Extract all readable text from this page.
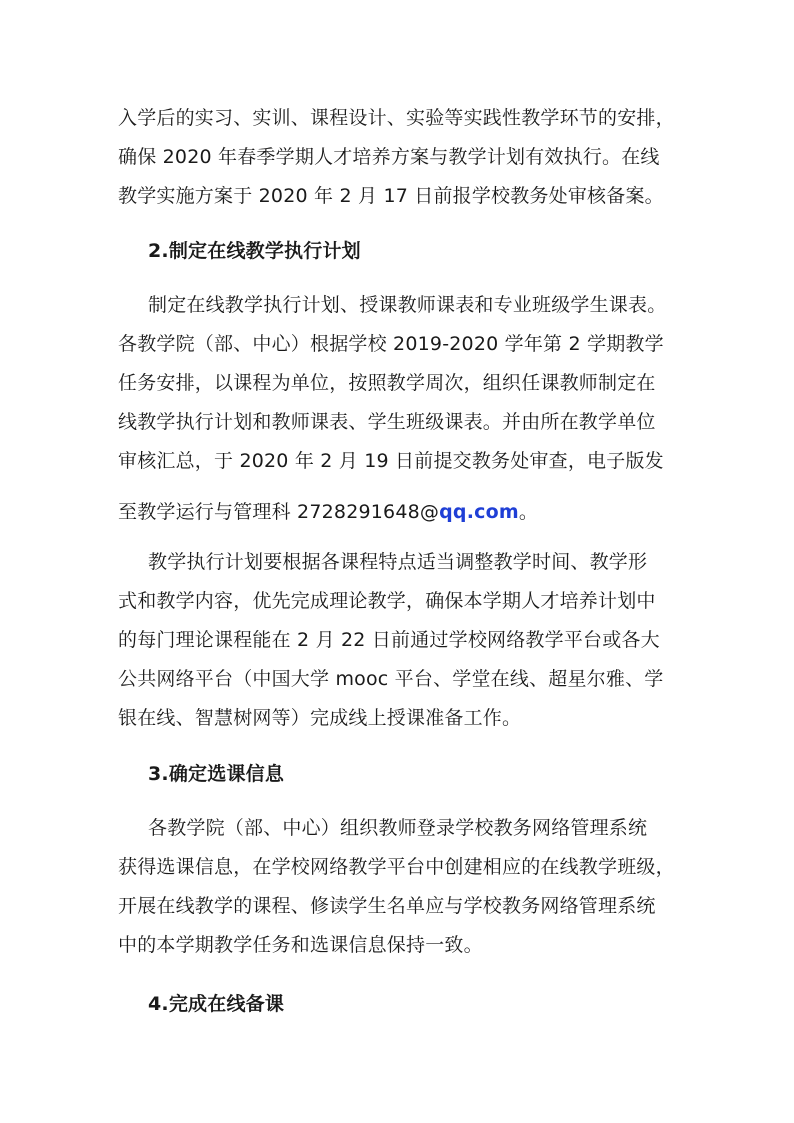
入学后的实习、实训、课程设计、实验等实践性教学环节的安排，
确保 2020 年春季学期人才培养方案与教学计划有效执行。在线
教学实施方案于 2020 年 2 月 17 日前报学校教务处审核备案。
2.制定在线教学执行计划
制定在线教学执行计划、授课教师课表和专业班级学生课表。
各教学院（部、中心）根据学校 2019-2020 学年第 2 学期教学
任务安排，以课程为单位，按照教学周次，组织任课教师制定在
线教学执行计划和教师课表、学生班级课表。并由所在教学单位
审核汇总，于 2020 年 2 月 19 日前提交教务处审查，电子版发
至教学运行与管理科 2728291648@qq.com。
教学执行计划要根据各课程特点适当调整教学时间、教学形
式和教学内容，优先完成理论教学，确保本学期人才培养计划中
的每门理论课程能在 2 月 22 日前通过学校网络教学平台或各大
公共网络平台（中国大学 mooc 平台、学堂在线、超星尔雅、学
银在线、智慧树网等）完成线上授课准备工作。
3.确定选课信息
各教学院（部、中心）组织教师登录学校教务网络管理系统
获得选课信息，在学校网络教学平台中创建相应的在线教学班级，
开展在线教学的课程、修读学生名单应与学校教务网络管理系统
中的本学期教学任务和选课信息保持一致。
4.完成在线备课
